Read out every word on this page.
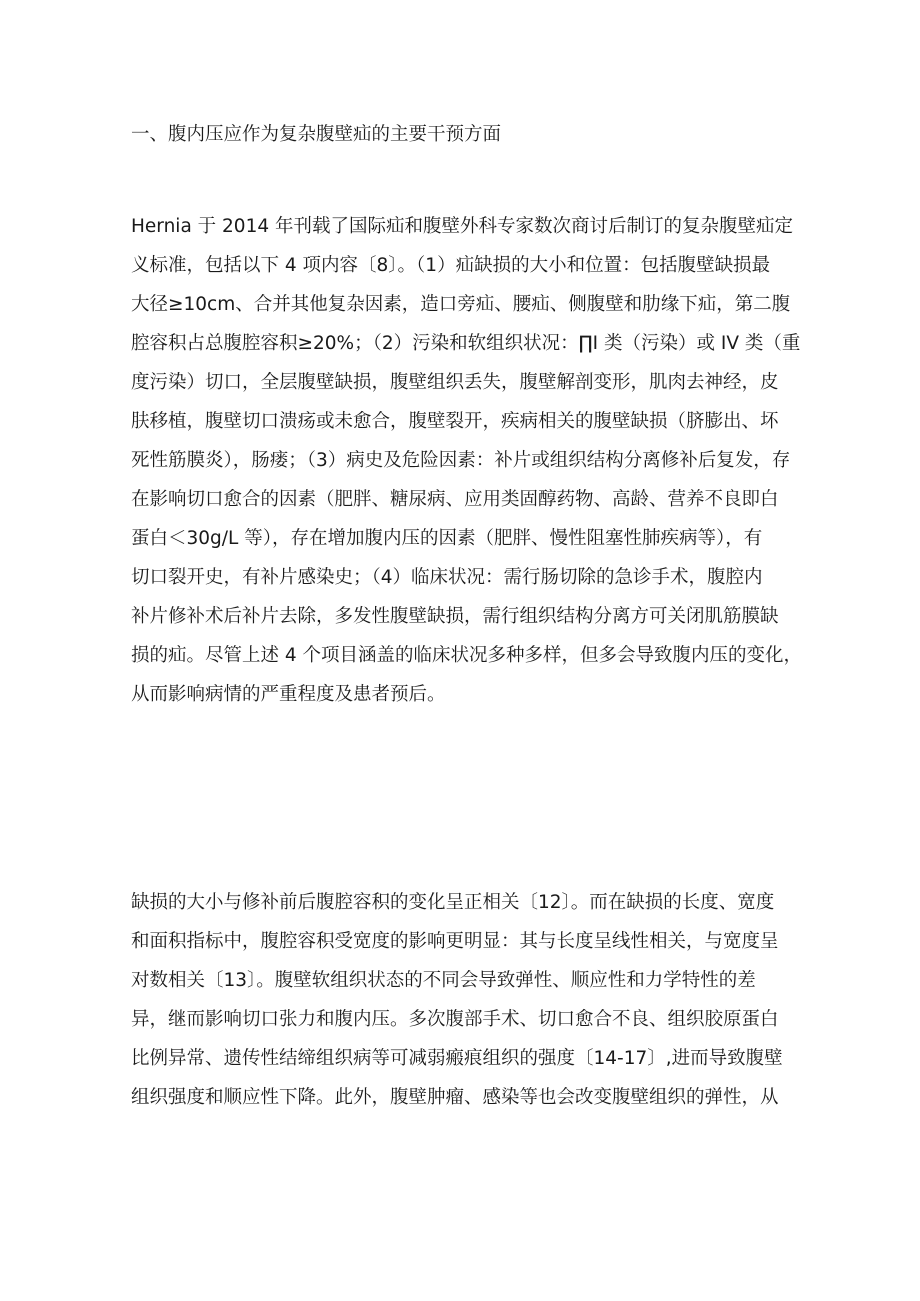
一、腹内压应作为复杂腹壁疝的主要干预方面
Hernia 于 2014 年刊载了国际疝和腹壁外科专家数次商讨后制订的复杂腹壁疝定
义标准，包括以下 4 项内容〔8〕。（1）疝缺损的大小和位置：包括腹壁缺损最
大径≥10cm、合并其他复杂因素，造口旁疝、腰疝、侧腹壁和肋缘下疝，第二腹
腔容积占总腹腔容积≥20%；（2）污染和软组织状况：∏I 类（污染）或 IV 类（重
度污染）切口，全层腹壁缺损，腹壁组织丢失，腹壁解剖变形，肌肉去神经，皮
肤移植，腹壁切口溃疡或未愈合，腹壁裂开，疾病相关的腹壁缺损（脐膨出、坏
死性筋膜炎），肠瘘；（3）病史及危险因素：补片或组织结构分离修补后复发，存
在影响切口愈合的因素（肥胖、糖尿病、应用类固醇药物、高龄、营养不良即白
蛋白＜30g/L 等），存在增加腹内压的因素（肥胖、慢性阻塞性肺疾病等），有
切口裂开史，有补片感染史；（4）临床状况：需行肠切除的急诊手术，腹腔内
补片修补术后补片去除，多发性腹壁缺损，需行组织结构分离方可关闭肌筋膜缺
损的疝。尽管上述 4 个项目涵盖的临床状况多种多样，但多会导致腹内压的变化，
从而影响病情的严重程度及患者预后。
缺损的大小与修补前后腹腔容积的变化呈正相关〔12〕。而在缺损的长度、宽度
和面积指标中，腹腔容积受宽度的影响更明显：其与长度呈线性相关，与宽度呈
对数相关〔13〕。腹壁软组织状态的不同会导致弹性、顺应性和力学特性的差
异，继而影响切口张力和腹内压。多次腹部手术、切口愈合不良、组织胶原蛋白
比例异常、遗传性结缔组织病等可减弱瘢痕组织的强度〔14-17〕,进而导致腹壁
组织强度和顺应性下降。此外，腹壁肿瘤、感染等也会改变腹壁组织的弹性，从
